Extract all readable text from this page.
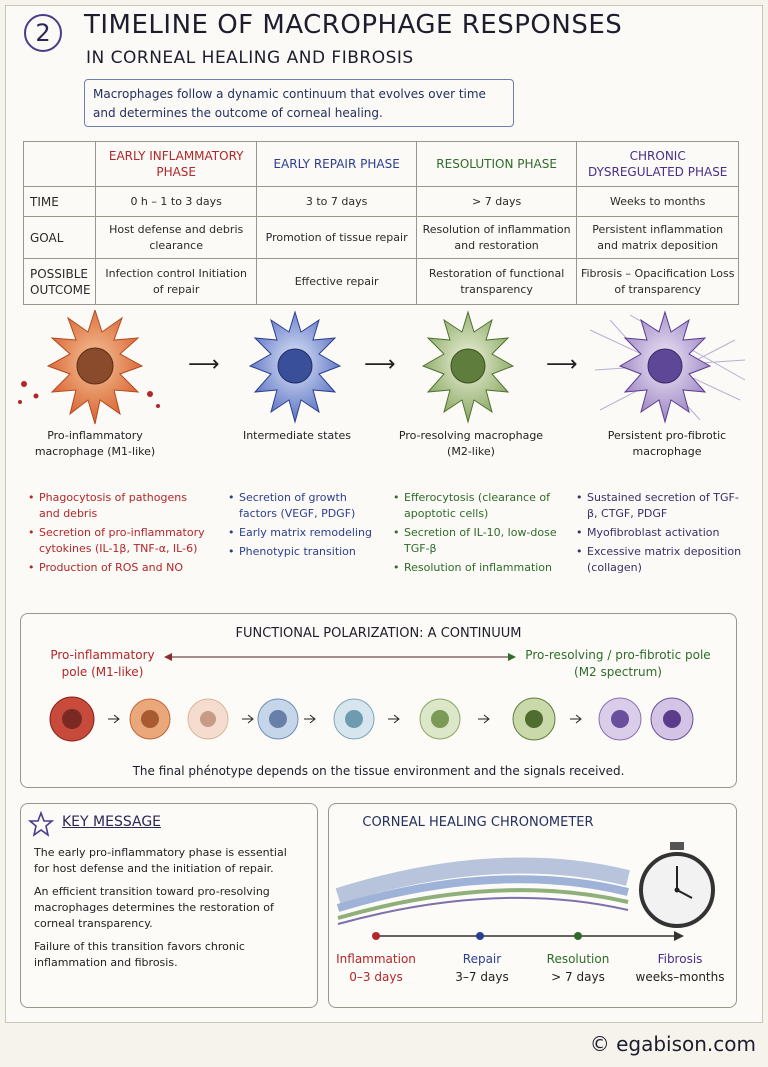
2	TIMELINE OF MACROPHAGE RESPONSES
IN CORNEAL HEALING AND FIBROSIS
Macrophages follow a dynamic continuum that evolves over time and determines the outcome of corneal healing.
	EARLY INFLAMMATORY PHASE	EARLY REPAIR PHASE	RESOLUTION PHASE	CHRONIC DYSREGULATED PHASE
TIME	0 h – 1 to 3 days	3 to 7 days	> 7 days	Weeks to months
GOAL	Host defense and debris clearance	Promotion of tissue repair	Resolution of inflammation and restoration	Persistent inflammation and matrix deposition
POSSIBLE OUTCOME	Infection control Initiation of repair	Effective repair	Restoration of functional transparency	Fibrosis – Opacification Loss of transparency
⟶	⟶	⟶
Pro-inflammatory macrophage (M1-like)
Intermediate states	Pro-resolving macrophage (M2-like)
Persistent pro-fibrotic macrophage
• Phagocytosis of pathogens and debris
• Secretion of pro-inflammatory cytokines (IL-1β, TNF-α, IL-6)
• Production of ROS and NO
• Secretion of growth factors (VEGF, PDGF)
• Early matrix remodeling
• Phenotypic transition
• Efferocytosis (clearance of apoptotic cells)
• Secretion of IL-10, low-dose TGF-β
• Resolution of inflammation
• Sustained secretion of TGF-β, CTGF, PDGF
• Myofibroblast activation
• Excessive matrix deposition (collagen)
FUNCTIONAL POLARIZATION: A CONTINUUM
Pro-inflammatory pole (M1-like)
Pro-resolving / pro-fibrotic pole (M2 spectrum)
The final phénotype depends on the tissue environment and the signals received.
KEY MESSAGE

The early pro-inflammatory phase is essential for host defense and the initiation of repair.

An efficient transition toward pro-resolving macrophages determines the restoration of corneal transparency.

Failure of this transition favors chronic inflammation and fibrosis.

CORNEAL HEALING CHRONOMETER
Inflammation
0–3 days
Repair
3–7 days
Resolution
> 7 days
Fibrosis
weeks–months
© egabison.com
